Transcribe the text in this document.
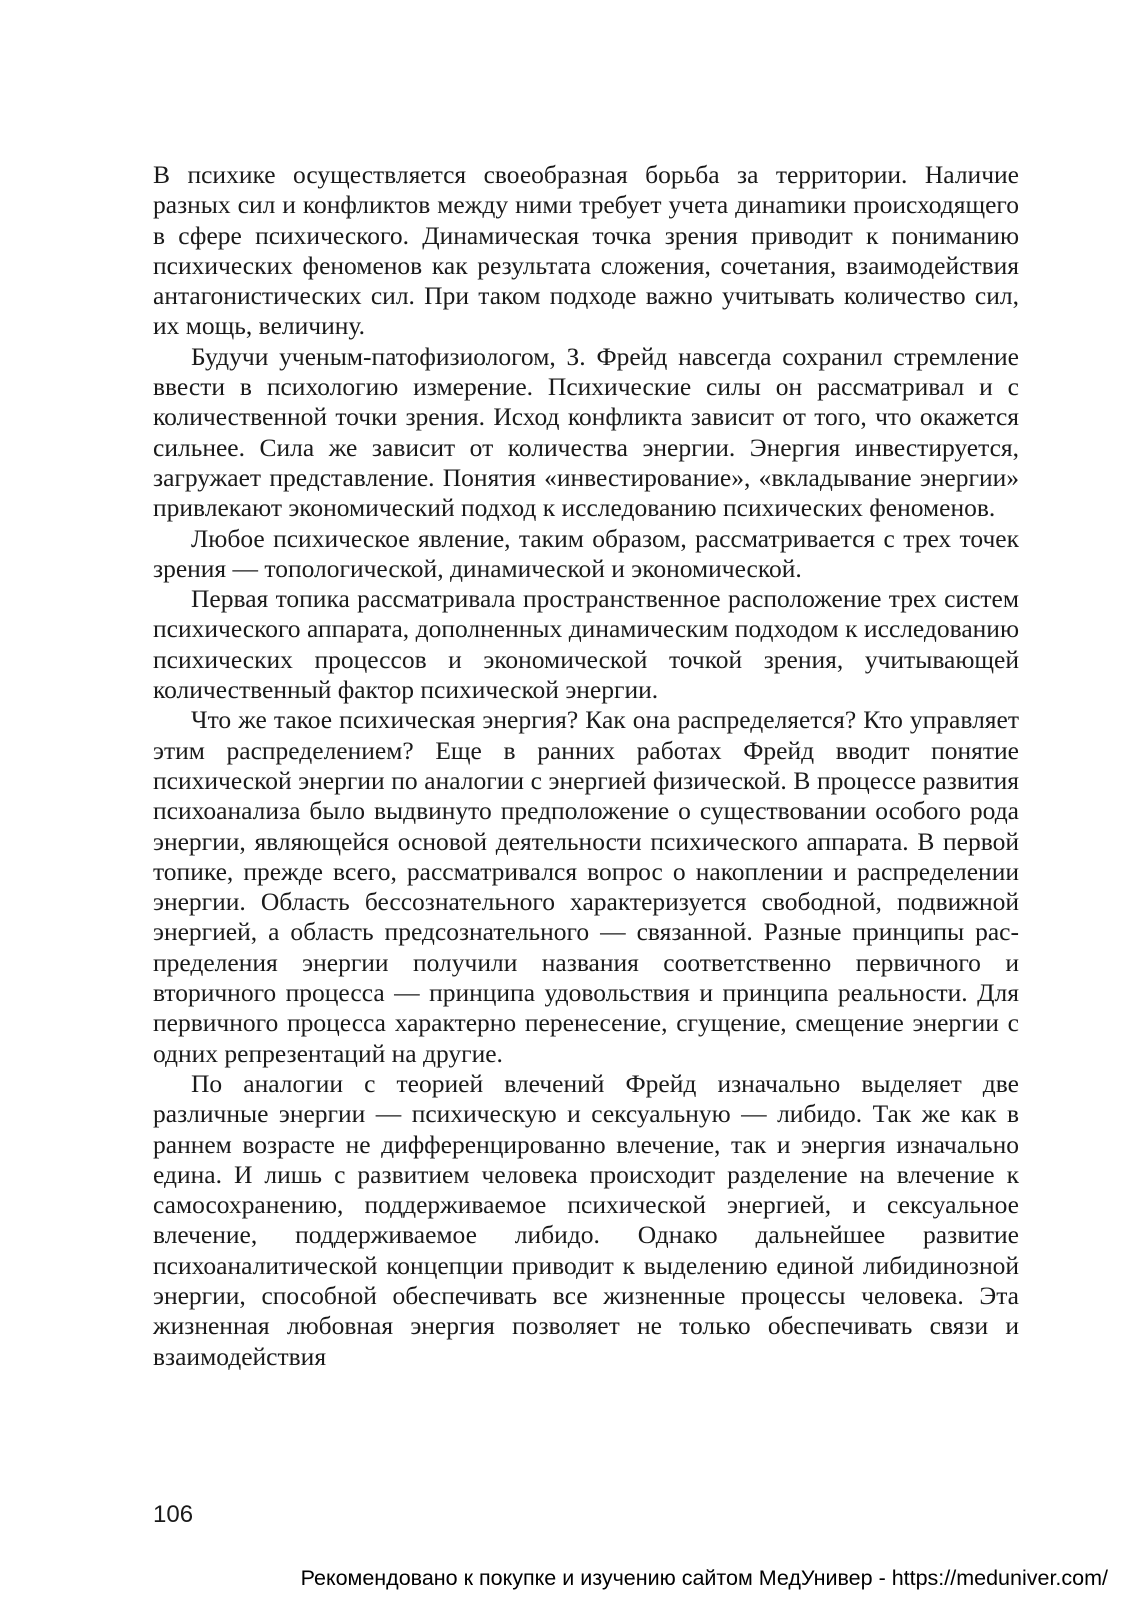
В психике осуществляется своеобразная борьба за территории. Наличие разных сил и конфликтов между ними требует учета динаmики происходящего в сфере психического. Динамическая точка зрения приводит к пониманию психических феноменов как результата сложения, сочетания, взаимодействия антагонистических сил. При таком подходе важно учитывать количество сил, их мощь, величину.

Будучи ученым-патофизиологом, З. Фрейд навсегда сохранил стремление ввести в психологию измерение. Психические силы он рассматривал и с количественной точки зрения. Исход конфликта зависит от того, что окажется сильнее. Сила же зависит от количества энергии. Энергия инвестируется, загружает представление. Понятия «инвестирование», «вкладывание энергии» привлекают экономический подход к исследованию психических феноменов.

Любое психическое явление, таким образом, рассматривается с трех точек зрения — топологической, динамической и экономической.

Первая топика рассматривала пространственное расположение трех систем психического аппарата, дополненных динамическим подходом к исследованию психических процессов и экономической точкой зрения, учитывающей количественный фактор психической энергии.

Что же такое психическая энергия? Как она распределяется? Кто управляет этим распределением? Еще в ранних работах Фрейд вводит понятие психической энергии по аналогии с энергией физической. В процессе развития психоанализа было выдвинуто предположение о существовании особого рода энергии, являющейся основой деятельности психического аппарата. В первой топике, прежде всего, рассматривался вопрос о накоплении и распределении энергии. Область бессознательного характеризуется свободной, подвижной энергией, а область предсознательного — связанной. Разные принципы распределения энергии получили названия соответственно первичного и вторичного процесса — принципа удовольствия и принципа реальности. Для первичного процесса характерно перенесение, сгущение, смещение энергии с одних репрезентаций на другие.

По аналогии с теорией влечений Фрейд изначально выделяет две различные энергии — психическую и сексуальную — либидо. Так же как в раннем возрасте не дифференцированно влечение, так и энергия изначально едина. И лишь с развитием человека происходит разделение на влечение к самосохранению, поддерживаемое психической энергией, и сексуальное влечение, поддерживаемое либидо. Однако дальнейшее развитие психоаналитической концепции приводит к выделению единой либидинозной энергии, способной обеспечивать все жизненные процессы человека. Эта жизненная любовная энергия позволяет не только обеспечивать связи и взаимодействия

106
Рекомендовано к покупке и изучению сайтом МедУнивер - https://meduniver.com/
